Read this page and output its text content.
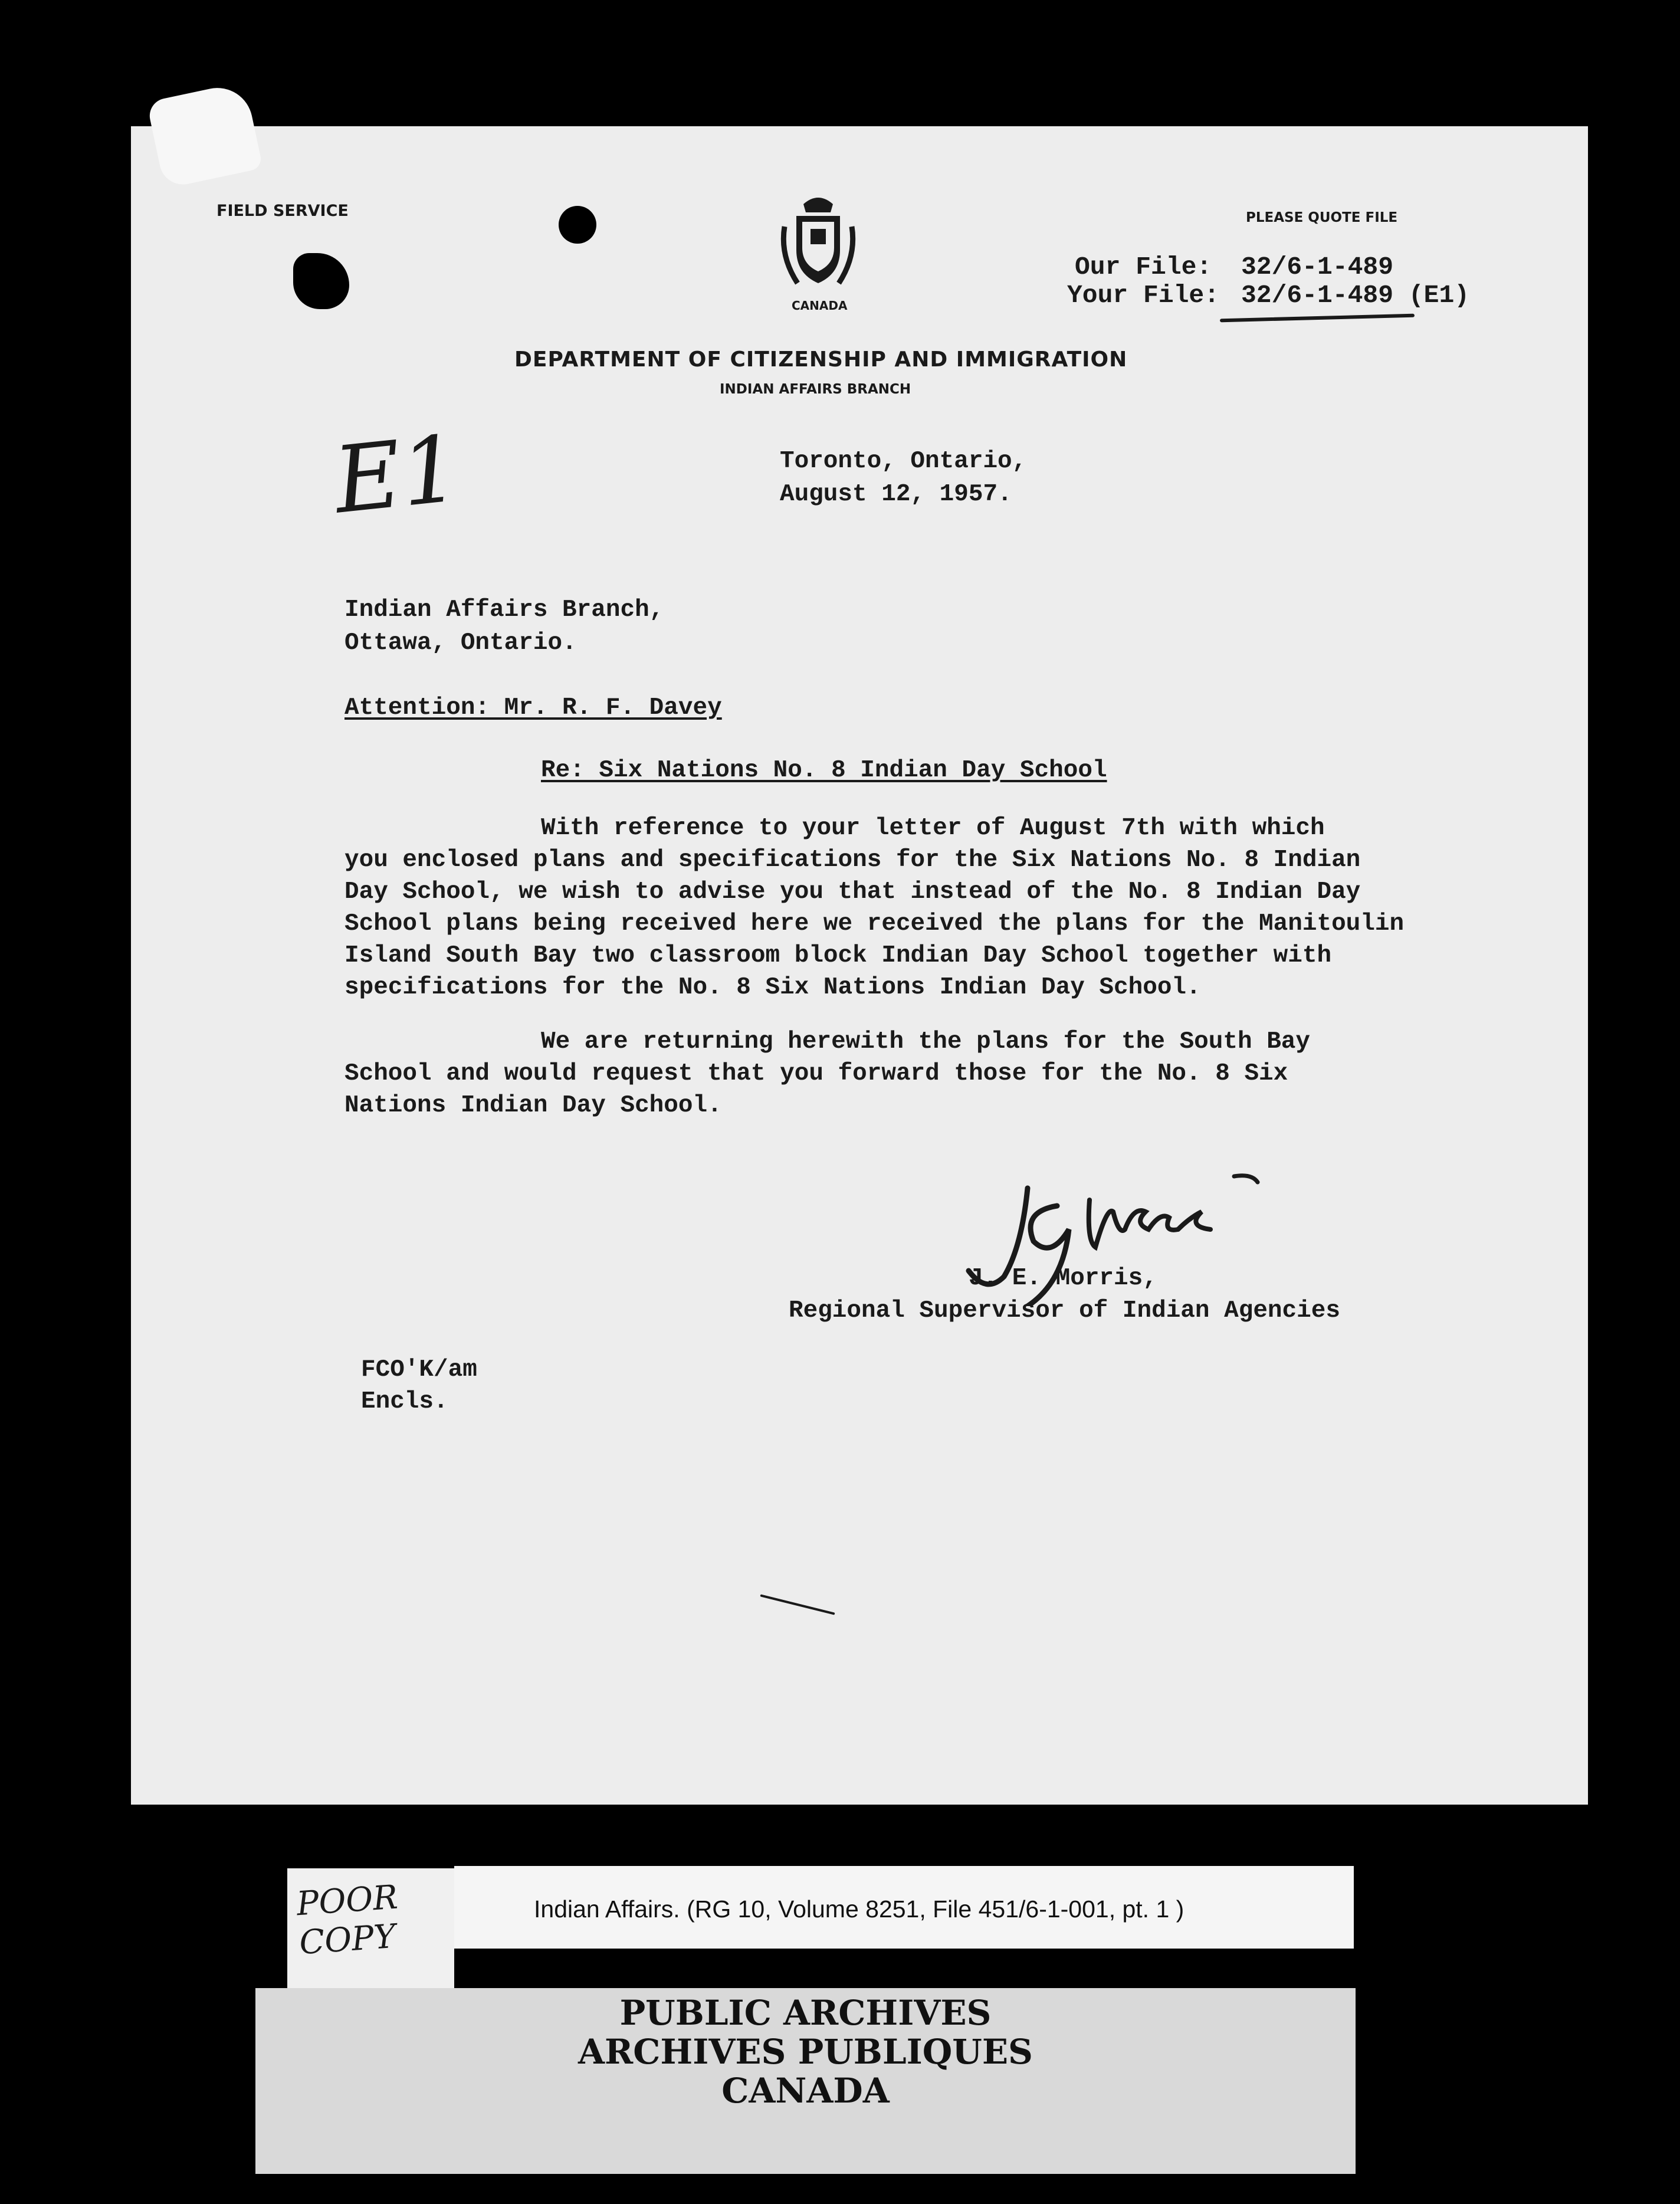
FIELD SERVICE
CANADA
PLEASE QUOTE FILE
Our File: 32/6-1-489
Your File: 32/6-1-489 (E1)
DEPARTMENT OF CITIZENSHIP AND IMMIGRATION
INDIAN AFFAIRS BRANCH
E1	Toronto, Ontario,
August 12, 1957.
Indian Affairs Branch,
Ottawa, Ontario.
Attention: Mr. R. F. Davey
Re: Six Nations No. 8 Indian Day School
With reference to your letter of August 7th with which
you enclosed plans and specifications for the Six Nations No. 8 Indian
Day School, we wish to advise you that instead of the No. 8 Indian Day
School plans being received here we received the plans for the Manitoulin
Island South Bay two classroom block Indian Day School together with
specifications for the No. 8 Six Nations Indian Day School.
We are returning herewith the plans for the South Bay
School and would request that you forward those for the No. 8 Six
Nations Indian Day School.
J. E. Morris,
Regional Supervisor of Indian Agencies
FCO'K/am
Encls.
POOR COPY
Indian Affairs. (RG 10, Volume 8251, File 451/6-1-001, pt. 1 )
PUBLIC ARCHIVES
ARCHIVES PUBLIQUES
CANADA
